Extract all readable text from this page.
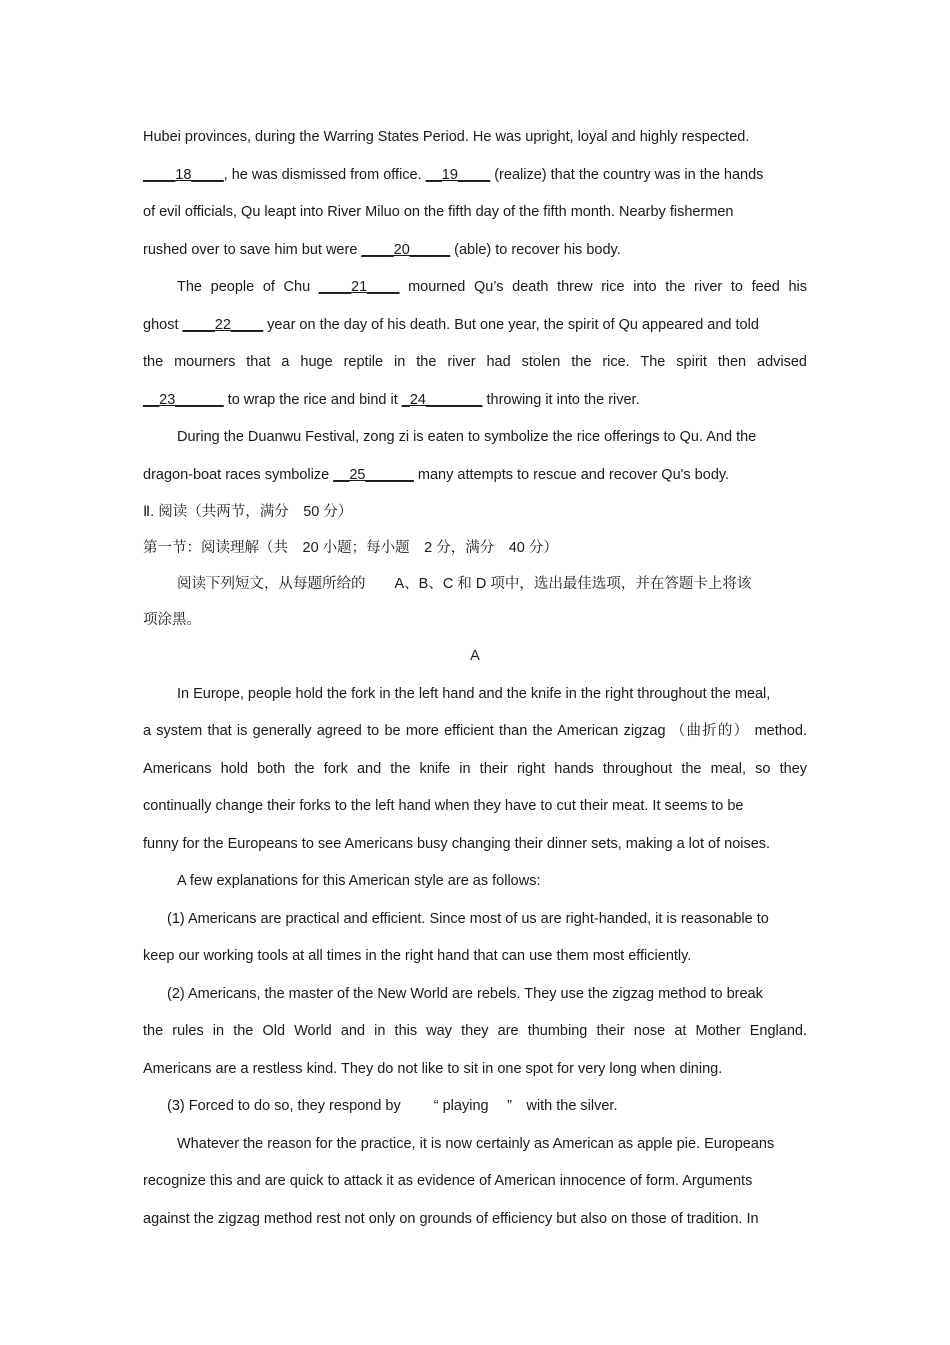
Hubei provinces, during the Warring States Period. He was upright, loyal and highly respected.
____18____, he was dismissed from office. __19____ (realize) that the country was in the hands
of evil officials, Qu leapt into River Miluo on the fifth day of the fifth month. Nearby fishermen
rushed over to save him but were ____20_____ (able) to recover his body.
The people of Chu ____21____ mourned Qu’s death threw rice into the river to feed his
ghost ____22____ year on the day of his death. But one year, the spirit of Qu appeared and told
the mourners that a huge reptile in the river had stolen the rice. The spirit then advised
__23______ to wrap the rice and bind it _24_______ throwing it into the river.
During the Duanwu Festival, zong zi is eaten to symbolize the rice offerings to Qu. And the
dragon-boat races symbolize __25______ many attempts to rescue and recover Qu's body.
Ⅱ. 阅读（共两节，满分　50 分）
第一节：阅读理解（共　20 小题；每小题　2 分，满分　40 分）
阅读下列短文，从每题所给的　　A、B、C 和 D 项中，选出最佳选项，并在答题卡上将该
项涂黑。
A
In Europe, people hold the fork in the left hand and the knife in the right throughout the meal,
a system that is generally agreed to be more efficient than the American zigzag （曲折的） method.
Americans hold both the fork and the knife in their right hands throughout the meal, so they
continually change their forks to the left hand when they have to cut their meat. It seems to be
funny for the Europeans to see Americans busy changing their dinner sets, making a lot of noises.
A few explanations for this American style are as follows:
(1) Americans are practical and efficient. Since most of us are right-handed, it is reasonable to
keep our working tools at all times in the right hand that can use them most efficiently.
(2) Americans, the master of the New World are rebels. They use the zigzag method to break
the rules in the Old World and in this way they are thumbing their nose at Mother England.
Americans are a restless kind. They do not like to sit in one spot for very long when dining.
(3) Forced to do so, they respond by　　 “ playing　 ”　with the silver.
Whatever the reason for the practice, it is now certainly as American as apple pie. Europeans
recognize this and are quick to attack it as evidence of American innocence of form. Arguments
against the zigzag method rest not only on grounds of efficiency but also on those of tradition. In
